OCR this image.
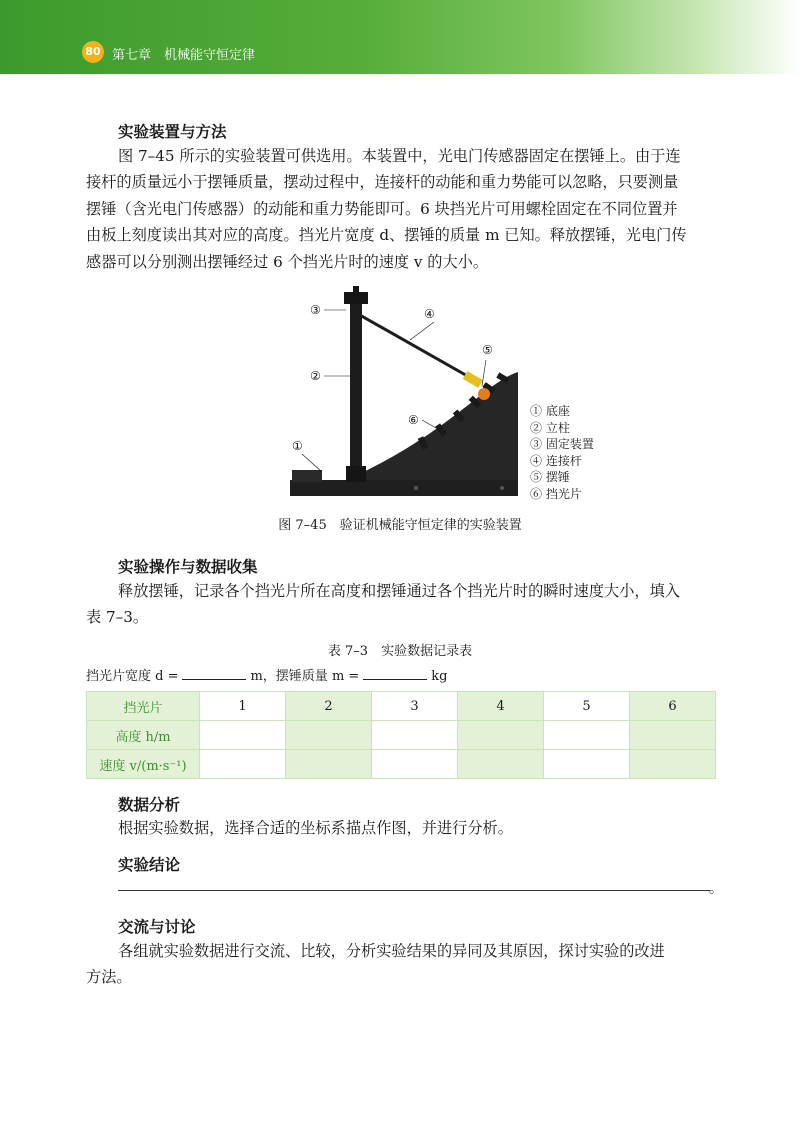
80 第七章　机械能守恒定律
实验装置与方法
图 7–45 所示的实验装置可供选用。本装置中，光电门传感器固定在摆锤上。由于连
接杆的质量远小于摆锤质量，摆动过程中，连接杆的动能和重力势能可以忽略，只要测量
摆锤（含光电门传感器）的动能和重力势能即可。6 块挡光片可用螺栓固定在不同位置并
由板上刻度读出其对应的高度。挡光片宽度 d、摆锤的质量 m 已知。释放摆锤，光电门传
感器可以分别测出摆锤经过 6 个挡光片时的速度 v 的大小。
③	④
⑤
②
⑥
①
① 底座
② 立柱
③ 固定装置
④ 连接杆
⑤ 摆锤
⑥ 挡光片
图 7–45　验证机械能守恒定律的实验装置
实验操作与数据收集
释放摆锤，记录各个挡光片所在高度和摆锤通过各个挡光片时的瞬时速度大小，填入
表 7–3。
表 7–3　实验数据记录表
挡光片宽度 d =	m，摆锤质量 m =	kg
挡光片	1	2	3	4	5	6
高度 h/m						
速度 v/(m·s⁻¹)						
数据分析
根据实验数据，选择合适的坐标系描点作图，并进行分析。
实验结论
。
交流与讨论
各组就实验数据进行交流、比较，分析实验结果的异同及其原因，探讨实验的改进
方法。
